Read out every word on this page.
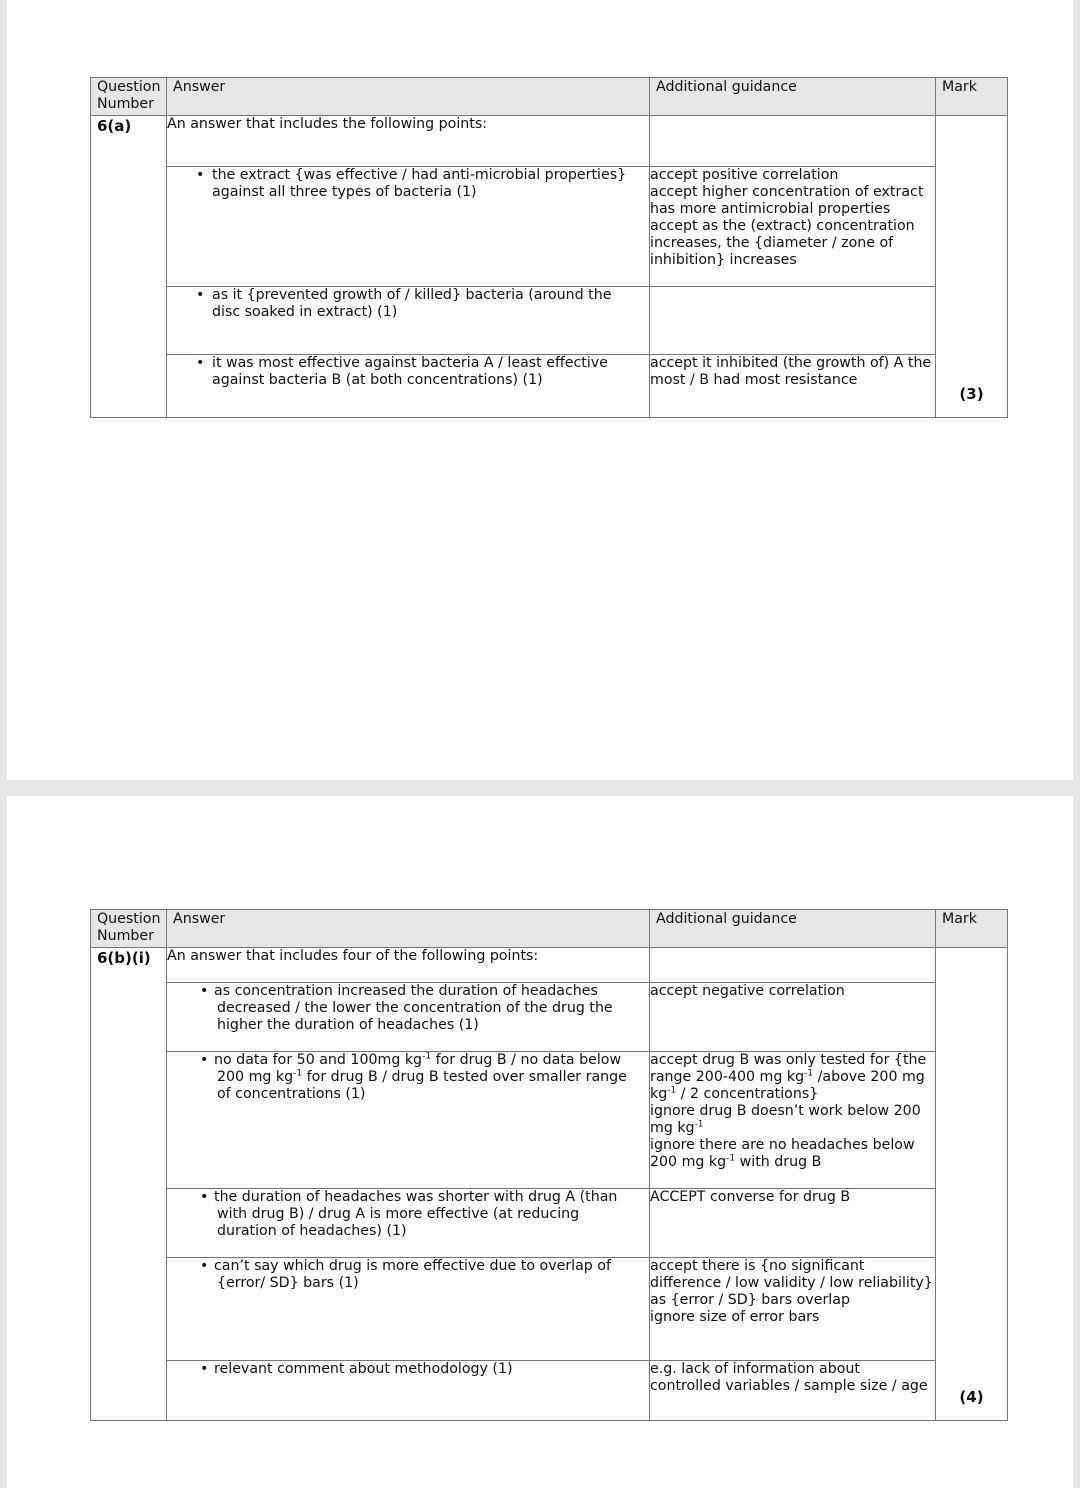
Question Number	Answer	Additional guidance	Mark
6(a)	An answer that includes the following points:		(3)

	• the extract {was effective / had anti-microbial properties} against all three types of bacteria (1)	accept positive correlation
accept higher concentration of extract has more antimicrobial properties
accept as the (extract) concentration increases, the {diameter / zone of inhibition} increases	

	• as it {prevented growth of / killed} bacteria (around the disc soaked in extract) (1)		

	• it was most effective against bacteria A / least effective against bacteria B (at both concentrations) (1)	accept it inhibited (the growth of) A the most / B had most resistance	
Question Number	Answer	Additional guidance	Mark
6(b)(i)	An answer that includes four of the following points:		(4)

	• as concentration increased the duration of headaches decreased / the lower the concentration of the drug the higher the duration of headaches (1)	accept negative correlation	

	• no data for 50 and 100mg $kg^{-1}$ for drug B / no data below 200 mg $kg^{-1}$ for drug B / drug B tested over smaller range of concentrations (1)	accept drug B was only tested for {the range 200-400 mg $kg^{-1}$ /above 200 mg $kg^{-1} / 2$ concentrations}
ignore drug B doesn’t work below 200 mg $kg^{-1}$
ignore there are no headaches below 200 mg $kg^{-1}$ with drug B	

	• the duration of headaches was shorter with drug A (than with drug B) / drug A is more effective (at reducing duration of headaches) (1)	ACCEPT converse for drug B	

	• can’t say which drug is more effective due to overlap of {error/ SD} bars (1)	accept there is {no significant difference / low validity / low reliability} as {error / SD} bars overlap
ignore size of error bars	

	• relevant comment about methodology (1)	e.g. lack of information about controlled variables / sample size / age	
